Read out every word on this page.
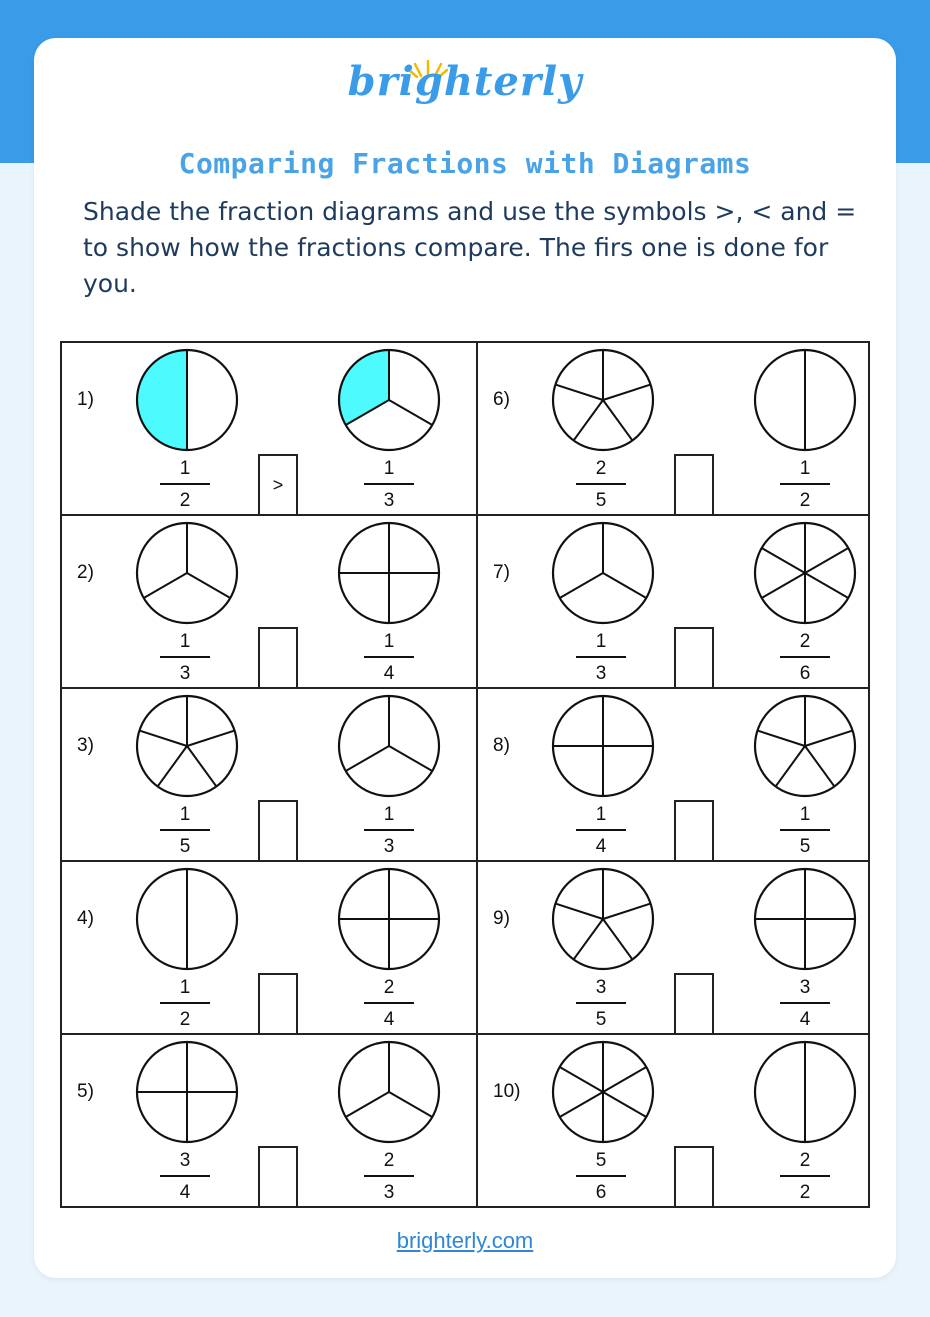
brighterly
Comparing Fractions with Diagrams
Shade the fraction diagrams and use the symbols >, < and = to show how the fractions compare. The firs one is done for you.
1)
1
2
1
3
>
2)
1
3
1
4
3)
1
5
1
3
4)
1
2
2
4
5)
3
4
2
3
6)
2
5
1
2
7)
1
3
2
6
8)
1
4
1
5
9)
3
5
3
4
10)
5
6
2
2
brighterly.com
